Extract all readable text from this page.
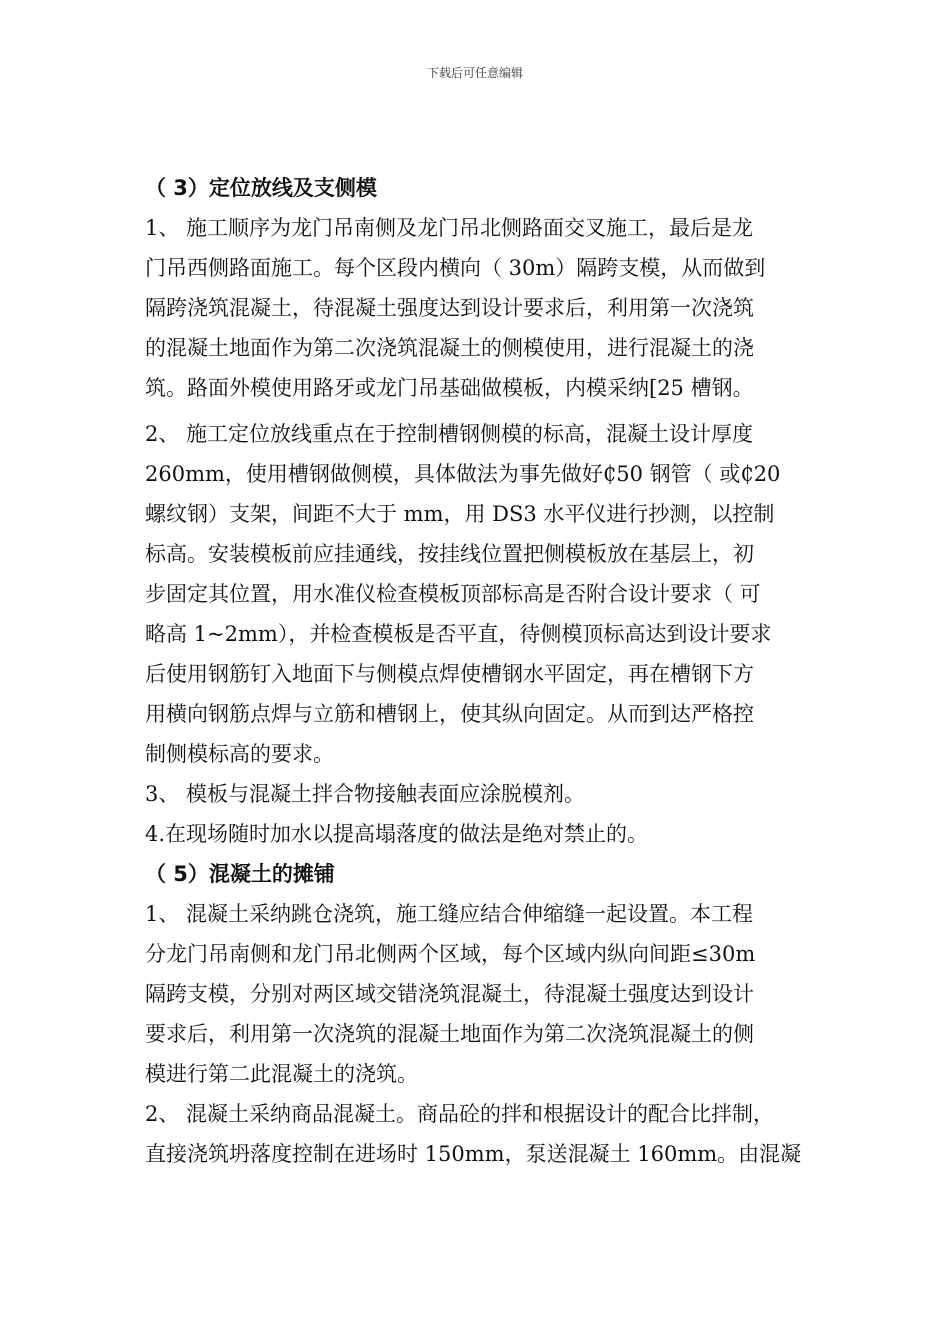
下载后可任意编辑
（ 3）定位放线及支侧模
1、 施工顺序为龙门吊南侧及龙门吊北侧路面交叉施工，最后是龙
门吊西侧路面施工。每个区段内横向（ 30m）隔跨支模，从而做到
隔跨浇筑混凝土，待混凝土强度达到设计要求后，利用第一次浇筑
的混凝土地面作为第二次浇筑混凝土的侧模使用，进行混凝土的浇
筑。路面外模使用路牙或龙门吊基础做模板，内模采纳[25 槽钢。
2、 施工定位放线重点在于控制槽钢侧模的标高，混凝土设计厚度
260mm，使用槽钢做侧模，具体做法为事先做好₵50 钢管（ 或₵20
螺纹钢）支架，间距不大于 mm，用 DS3 水平仪进行抄测，以控制
标高。安装模板前应挂通线，按挂线位置把侧模板放在基层上，初
步固定其位置，用水准仪检查模板顶部标高是否附合设计要求（ 可
略高 1~2mm），并检查模板是否平直，待侧模顶标高达到设计要求
后使用钢筋钉入地面下与侧模点焊使槽钢水平固定，再在槽钢下方
用横向钢筋点焊与立筋和槽钢上，使其纵向固定。从而到达严格控
制侧模标高的要求。
3、 模板与混凝土拌合物接触表面应涂脱模剂。
4.在现场随时加水以提高塌落度的做法是绝对禁止的。
（ 5）混凝土的摊铺
1、 混凝土采纳跳仓浇筑，施工缝应结合伸缩缝一起设置。本工程
分龙门吊南侧和龙门吊北侧两个区域，每个区域内纵向间距≤30m
隔跨支模，分别对两区域交错浇筑混凝土，待混凝土强度达到设计
要求后，利用第一次浇筑的混凝土地面作为第二次浇筑混凝土的侧
模进行第二此混凝土的浇筑。
2、 混凝土采纳商品混凝土。商品砼的拌和根据设计的配合比拌制，
直接浇筑坍落度控制在进场时 150mm，泵送混凝土 160mm。由混凝
